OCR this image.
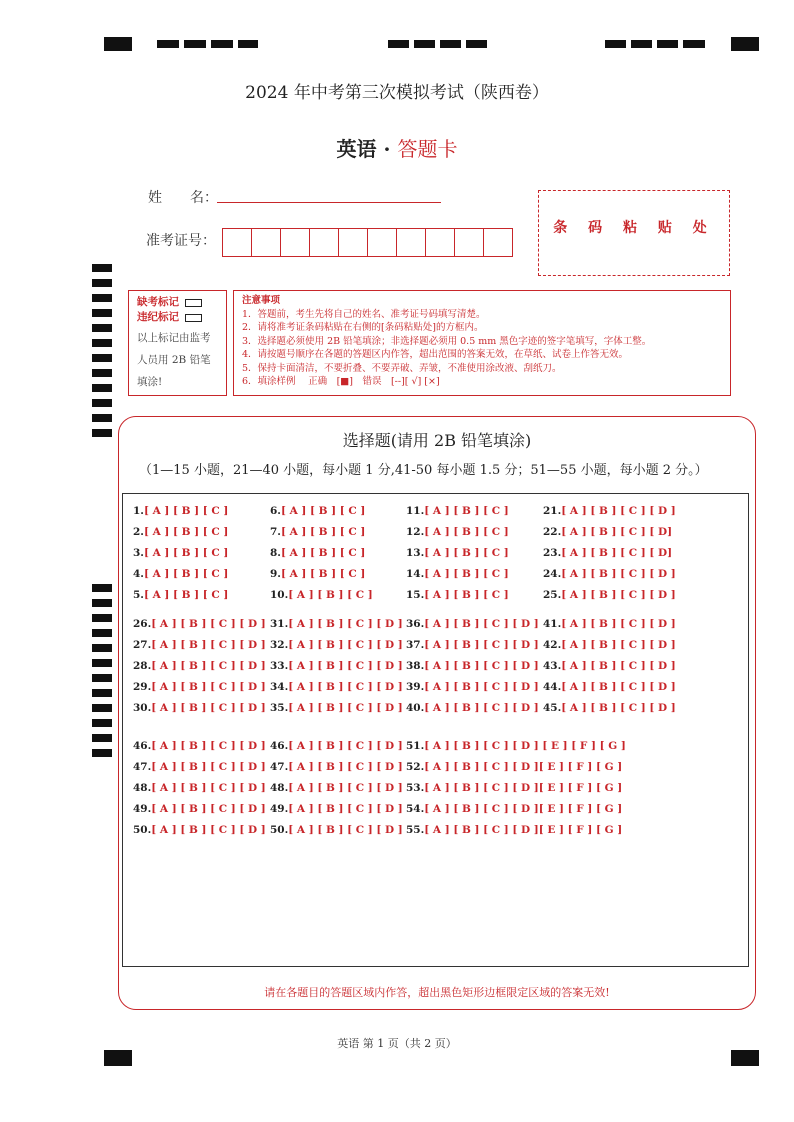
2024 年中考第三次模拟考试（陕西卷）
英语 · 答题卡
姓　　名：
准考证号：
条 码 粘 贴 处
缺考标记
违纪标记
以上标记由监考人员用 2B 铅笔填涂!
注意事项
1．答题前，考生先将自己的姓名、准考证号码填写清楚。
2．请将准考证条码粘贴在右侧的[条码粘贴处]的方框内。
3．选择题必须使用 2B 铅笔填涂；非选择题必须用 0.5 mm 黑色字迹的签字笔填写，字体工整。
4．请按题号顺序在各题的答题区内作答，超出范围的答案无效，在草纸、试卷上作答无效。
5．保持卡面清洁，不要折叠、不要弄破、弄皱，不准使用涂改液、刮纸刀。
6．填涂样例　 正确　[■]　错误　[--][ √] [×]
选择题(请用 2B 铅笔填涂)
（1—15 小题，21—40 小题，每小题 1 分,41-50 每小题 1.5 分；51—55 小题，每小题 2 分。）
1.[ A ] [ B ] [ C ]	6.[ A ] [ B ] [ C ]	11.[ A ] [ B ] [ C ]	21.[ A ] [ B ] [ C ] [ D ]
2.[ A ] [ B ] [ C ]	7.[ A ] [ B ] [ C ]	12.[ A ] [ B ] [ C ]	22.[ A ] [ B ] [ C ] [ D]
3.[ A ] [ B ] [ C ]	8.[ A ] [ B ] [ C ]	13.[ A ] [ B ] [ C ]	23.[ A ] [ B ] [ C ] [ D]
4.[ A ] [ B ] [ C ]	9.[ A ] [ B ] [ C ]	14.[ A ] [ B ] [ C ]	24.[ A ] [ B ] [ C ] [ D ]
5.[ A ] [ B ] [ C ]	10.[ A ] [ B ] [ C ]	15.[ A ] [ B ] [ C ]	25.[ A ] [ B ] [ C ] [ D ]
26.[ A ] [ B ] [ C ] [ D ] 31.[ A ] [ B ] [ C ] [ D ] 36.[ A ] [ B ] [ C ] [ D ] 41.[ A ] [ B ] [ C ] [ D ]
27.[ A ] [ B ] [ C ] [ D ] 32.[ A ] [ B ] [ C ] [ D ] 37.[ A ] [ B ] [ C ] [ D ] 42.[ A ] [ B ] [ C ] [ D ]
28.[ A ] [ B ] [ C ] [ D ] 33.[ A ] [ B ] [ C ] [ D ] 38.[ A ] [ B ] [ C ] [ D ] 43.[ A ] [ B ] [ C ] [ D ]
29.[ A ] [ B ] [ C ] [ D ] 34.[ A ] [ B ] [ C ] [ D ] 39.[ A ] [ B ] [ C ] [ D ] 44.[ A ] [ B ] [ C ] [ D ]
30.[ A ] [ B ] [ C ] [ D ] 35.[ A ] [ B ] [ C ] [ D ] 40.[ A ] [ B ] [ C ] [ D ] 45.[ A ] [ B ] [ C ] [ D ]
46.[ A ] [ B ] [ C ] [ D ] 46.[ A ] [ B ] [ C ] [ D ] 51.[ A ] [ B ] [ C ] [ D ] [ E ] [ F ] [ G ]
47.[ A ] [ B ] [ C ] [ D ] 47.[ A ] [ B ] [ C ] [ D ] 52.[ A ] [ B ] [ C ] [ D ][ E ] [ F ] [ G ]
48.[ A ] [ B ] [ C ] [ D ] 48.[ A ] [ B ] [ C ] [ D ] 53.[ A ] [ B ] [ C ] [ D ][ E ] [ F ] [ G ]
49.[ A ] [ B ] [ C ] [ D ] 49.[ A ] [ B ] [ C ] [ D ] 54.[ A ] [ B ] [ C ] [ D ][ E ] [ F ] [ G ]
50.[ A ] [ B ] [ C ] [ D ] 50.[ A ] [ B ] [ C ] [ D ] 55.[ A ] [ B ] [ C ] [ D ][ E ] [ F ] [ G ]
请在各题目的答题区域内作答，超出黑色矩形边框限定区域的答案无效!
英语 第 1 页（共 2 页）
